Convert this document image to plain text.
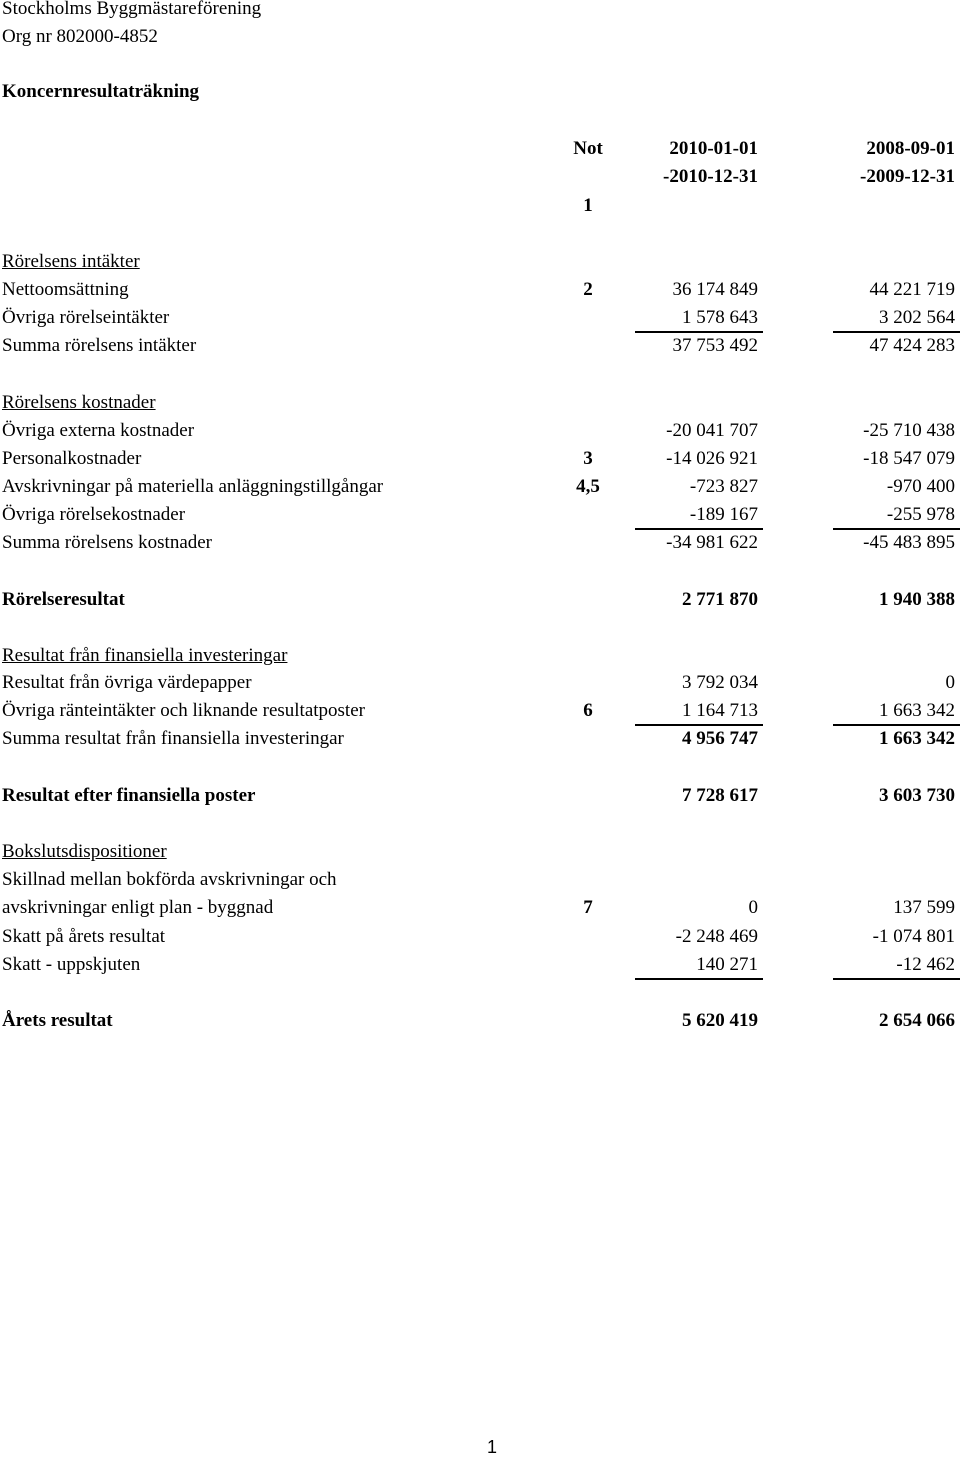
Stockholms Byggmästareförening
Org nr 802000-4852
Koncernresultaträkning
Not	2010-01-01	2008-09-01
-2010-12-31	-2009-12-31
1
Rörelsens intäkter
Nettoomsättning	2	36 174 849	44 221 719
Övriga rörelseintäkter	1 578 643	3 202 564
Summa rörelsens intäkter	37 753 492	47 424 283
Rörelsens kostnader
Övriga externa kostnader	-20 041 707	-25 710 438
Personalkostnader	3	-14 026 921	-18 547 079
Avskrivningar på materiella anläggningstillgångar	4,5	-723 827	-970 400
Övriga rörelsekostnader	-189 167	-255 978
Summa rörelsens kostnader	-34 981 622	-45 483 895
Rörelseresultat	2 771 870	1 940 388
Resultat från finansiella investeringar
Resultat från övriga värdepapper	3 792 034	0
Övriga ränteintäkter och liknande resultatposter	6	1 164 713	1 663 342
Summa resultat från finansiella investeringar	4 956 747	1 663 342
Resultat efter finansiella poster	7 728 617	3 603 730
Bokslutsdispositioner
Skillnad mellan bokförda avskrivningar och
avskrivningar enligt plan - byggnad	7	0	137 599
Skatt på årets resultat	-2 248 469	-1 074 801
Skatt - uppskjuten	140 271	-12 462
Årets resultat	5 620 419	2 654 066
1
